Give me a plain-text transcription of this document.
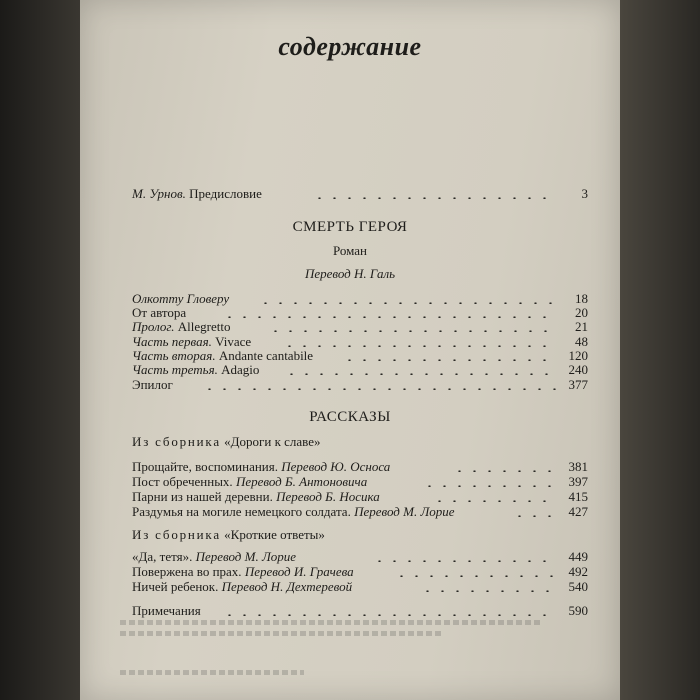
содержание
М. Урнов. Предисловие	3
СМЕРТЬ ГЕРОЯ
Роман
Перевод Н. Галь
Олкотту Гловеру	18
От автора	20
Пролог. Allegretto	21
Часть первая. Vivace	48
Часть вторая. Andante cantabile	120
Часть третья. Adagio	240
Эпилог	377
РАССКАЗЫ
Из сборника «Дороги к славе»
Прощайте, воспоминания. Перевод Ю. Осноса	381
Пост обреченных. Перевод Б. Антоновича	397
Парни из нашей деревни. Перевод Б. Носика	415
Раздумья на могиле немецкого солдата. Перевод М. Лорие	427
Из сборника «Кроткие ответы»
«Да, тетя». Перевод М. Лорие	449
Повержена во прах. Перевод И. Грачева	492
Ничей ребенок. Перевод Н. Дехтеревой	540
Примечания	590
